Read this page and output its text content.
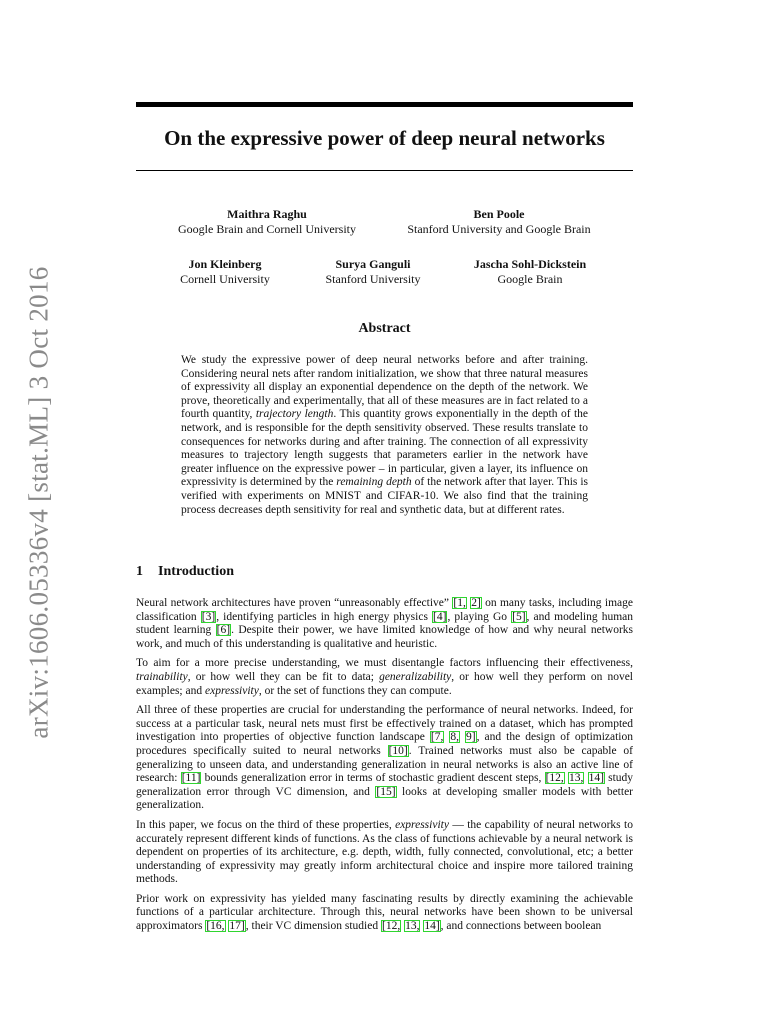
arXiv:1606.05336v4 [stat.ML] 3 Oct 2016
On the expressive power of deep neural networks
Maithra Raghu
Google Brain and Cornell University
Ben Poole
Stanford University and Google Brain
Jon Kleinberg
Cornell University
Surya Ganguli
Stanford University
Jascha Sohl-Dickstein
Google Brain
Abstract

We study the expressive power of deep neural networks before and after training. Considering neural nets after random initialization, we show that three natural measures of expressivity all display an exponential dependence on the depth of the network. We prove, theoretically and experimentally, that all of these measures are in fact related to a fourth quantity, trajectory length. This quantity grows exponentially in the depth of the network, and is responsible for the depth sensitivity observed. These results translate to consequences for networks during and after training. The connection of all expressivity measures to trajectory length suggests that parameters earlier in the network have greater influence on the expressive power – in particular, given a layer, its influence on expressivity is determined by the remaining depth of the network after that layer. This is verified with experiments on MNIST and CIFAR-10. We also find that the training process decreases depth sensitivity for real and synthetic data, but at different rates.

1 Introduction

Neural network architectures have proven “unreasonably effective” [1, 2] on many tasks, including image classification [3], identifying particles in high energy physics [4], playing Go [5], and modeling human student learning [6]. Despite their power, we have limited knowledge of how and why neural networks work, and much of this understanding is qualitative and heuristic.

To aim for a more precise understanding, we must disentangle factors influencing their effectiveness, trainability, or how well they can be fit to data; generalizability, or how well they perform on novel examples; and expressivity, or the set of functions they can compute.

All three of these properties are crucial for understanding the performance of neural networks. Indeed, for success at a particular task, neural nets must first be effectively trained on a dataset, which has prompted investigation into properties of objective function landscape [7, 8, 9], and the design of optimization procedures specifically suited to neural networks [10]. Trained networks must also be capable of generalizing to unseen data, and understanding generalization in neural networks is also an active line of research: [11] bounds generalization error in terms of stochastic gradient descent steps, [12, 13, 14] study generalization error through VC dimension, and [15] looks at developing smaller models with better generalization.

In this paper, we focus on the third of these properties, expressivity — the capability of neural networks to accurately represent different kinds of functions. As the class of functions achievable by a neural network is dependent on properties of its architecture, e.g. depth, width, fully connected, convolutional, etc; a better understanding of expressivity may greatly inform architectural choice and inspire more tailored training methods.

Prior work on expressivity has yielded many fascinating results by directly examining the achievable functions of a particular architecture. Through this, neural networks have been shown to be universal approximators [16, 17], their VC dimension studied [12, 13, 14], and connections between boolean
